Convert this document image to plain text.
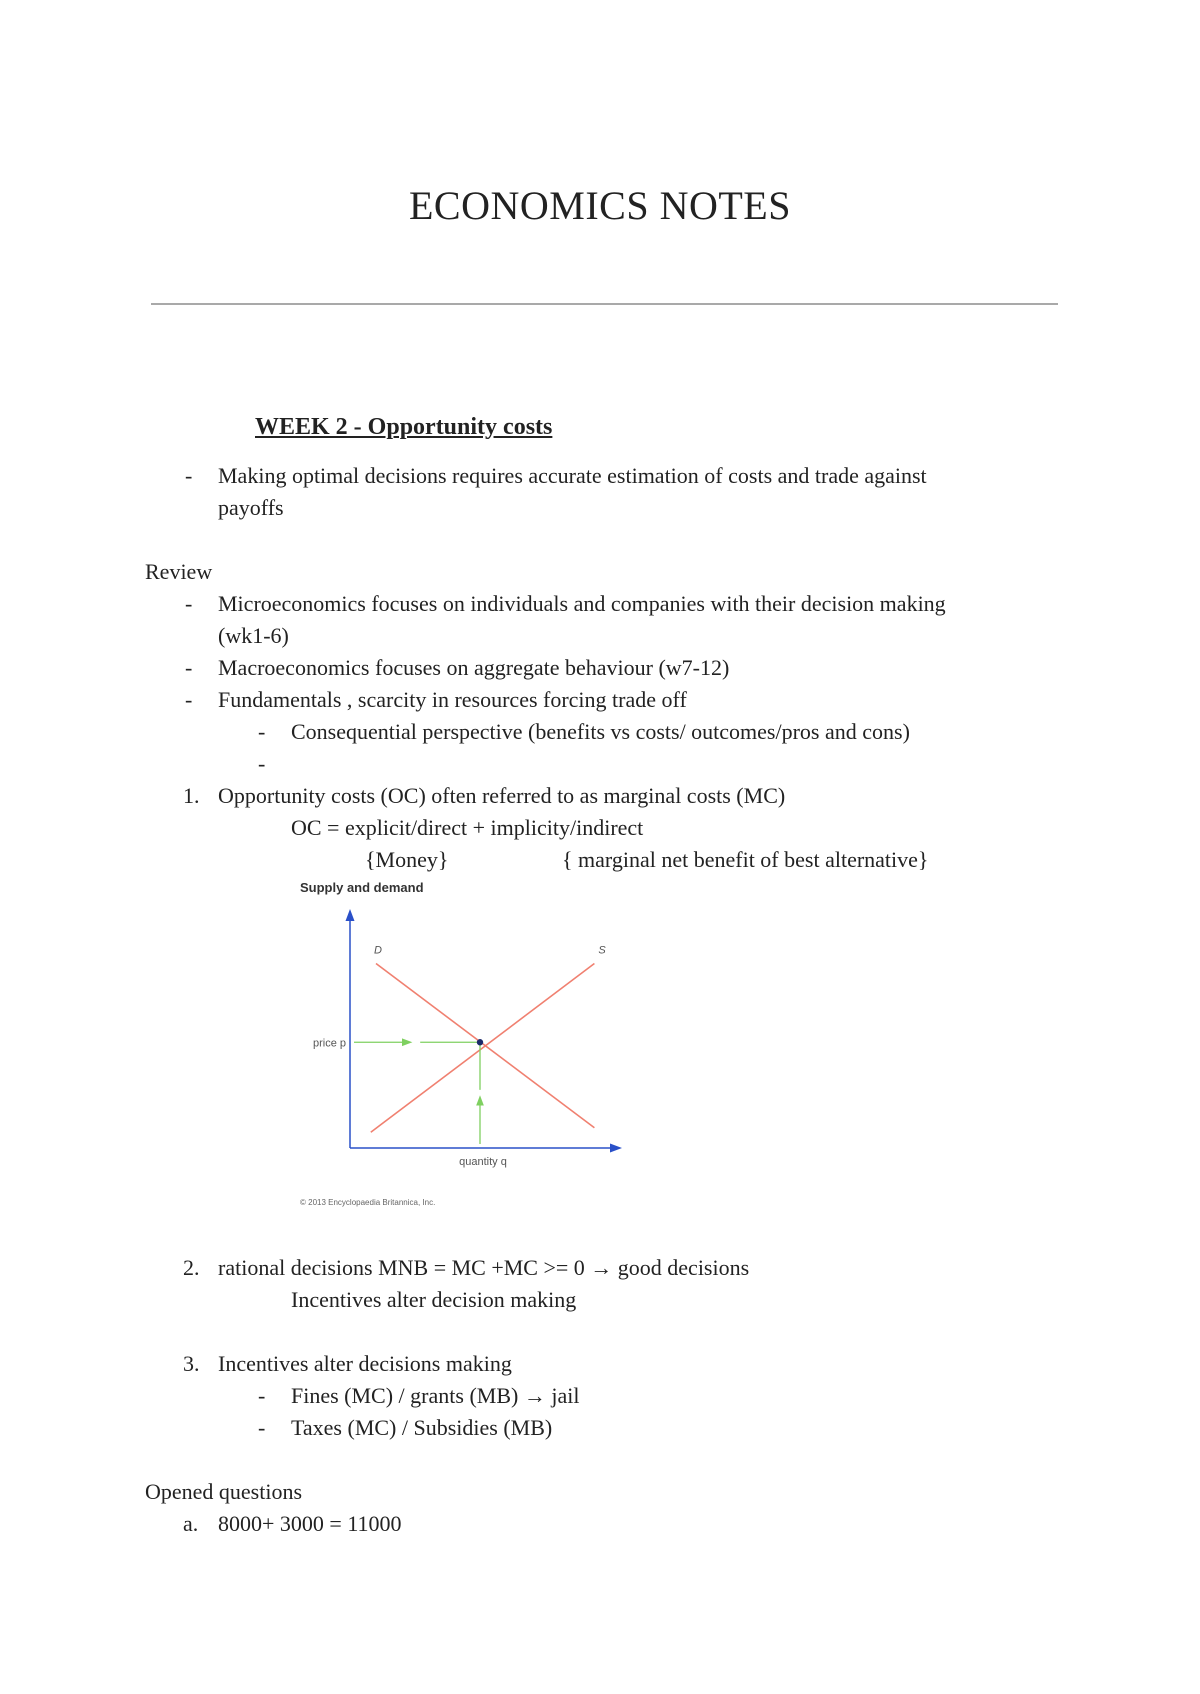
ECONOMICS NOTES
WEEK 2 - Opportunity costs
- Making optimal decisions requires accurate estimation of costs and trade against
payoffs
Review
- Microeconomics focuses on individuals and companies with their decision making
(wk1-6)
- Macroeconomics focuses on aggregate behaviour (w7-12)
- Fundamentals , scarcity in resources forcing trade off
- Consequential perspective (benefits vs costs/ outcomes/pros and cons)
-
1. Opportunity costs (OC) often referred to as marginal costs (MC)
OC = explicit/direct + implicity/indirect
{Money}	{ marginal net benefit of best alternative}
Supply and demand
D	S
price p
quantity q
© 2013 Encyclopaedia Britannica, Inc.
2. rational decisions MNB = MC +MC >= 0 → good decisions
Incentives alter decision making
3. Incentives alter decisions making
- Fines (MC) / grants (MB) → jail
- Taxes (MC) / Subsidies (MB)
Opened questions
a. 8000+ 3000 = 11000
